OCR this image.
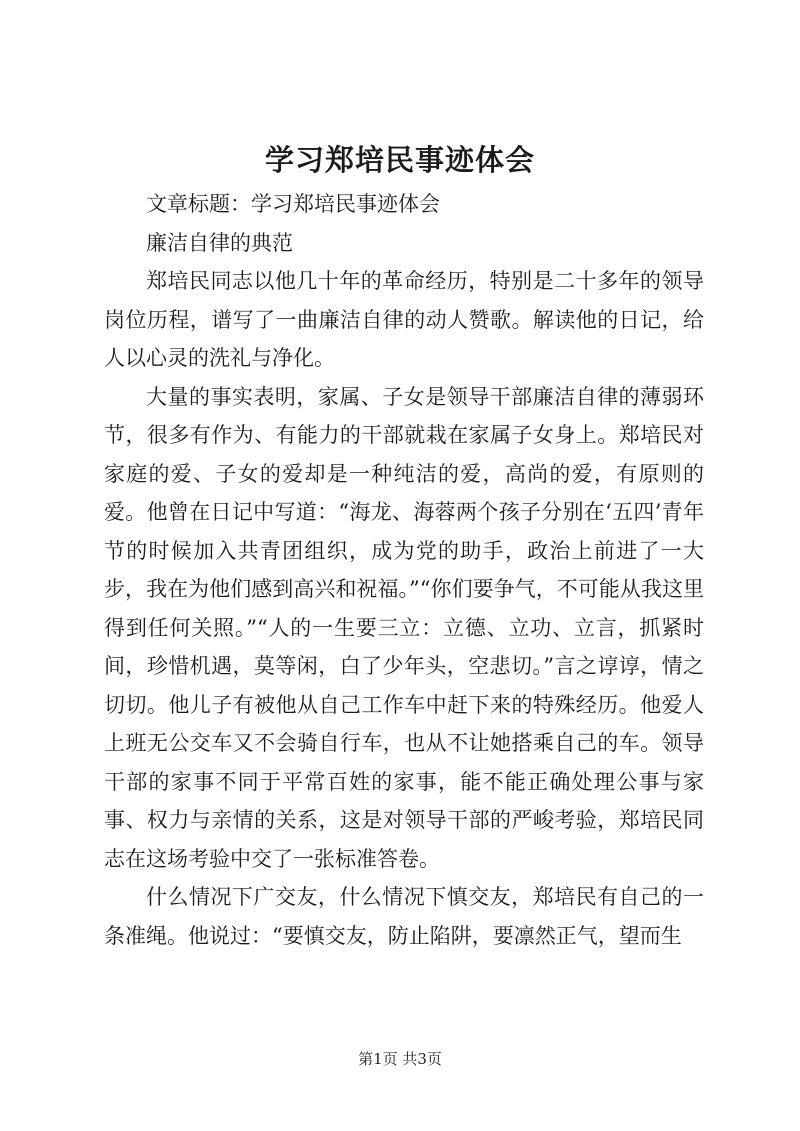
学习郑培民事迹体会

文章标题：学习郑培民事迹体会

廉洁自律的典范

郑培民同志以他几十年的革命经历，特别是二十多年的领导岗位历程，谱写了一曲廉洁自律的动人赞歌。解读他的日记，给人以心灵的洗礼与净化。

大量的事实表明，家属、子女是领导干部廉洁自律的薄弱环节，很多有作为、有能力的干部就栽在家属子女身上。郑培民对家庭的爱、子女的爱却是一种纯洁的爱，高尚的爱，有原则的爱。他曾在日记中写道：“海龙、海蓉两个孩子分别在‘五四’青年节的时候加入共青团组织，成为党的助手，政治上前进了一大步，我在为他们感到高兴和祝福。”“你们要争气，不可能从我这里得到任何关照。”“人的一生要三立：立德、立功、立言，抓紧时间，珍惜机遇，莫等闲，白了少年头，空悲切。”言之谆谆，情之切切。他儿子有被他从自己工作车中赶下来的特殊经历。他爱人上班无公交车又不会骑自行车，也从不让她搭乘自己的车。领导干部的家事不同于平常百姓的家事，能不能正确处理公事与家事、权力与亲情的关系，这是对领导干部的严峻考验，郑培民同志在这场考验中交了一张标准答卷。

什么情况下广交友，什么情况下慎交友，郑培民有自己的一条准绳。他说过：“要慎交友，防止陷阱，要凛然正气，望而生

第1页 共3页
